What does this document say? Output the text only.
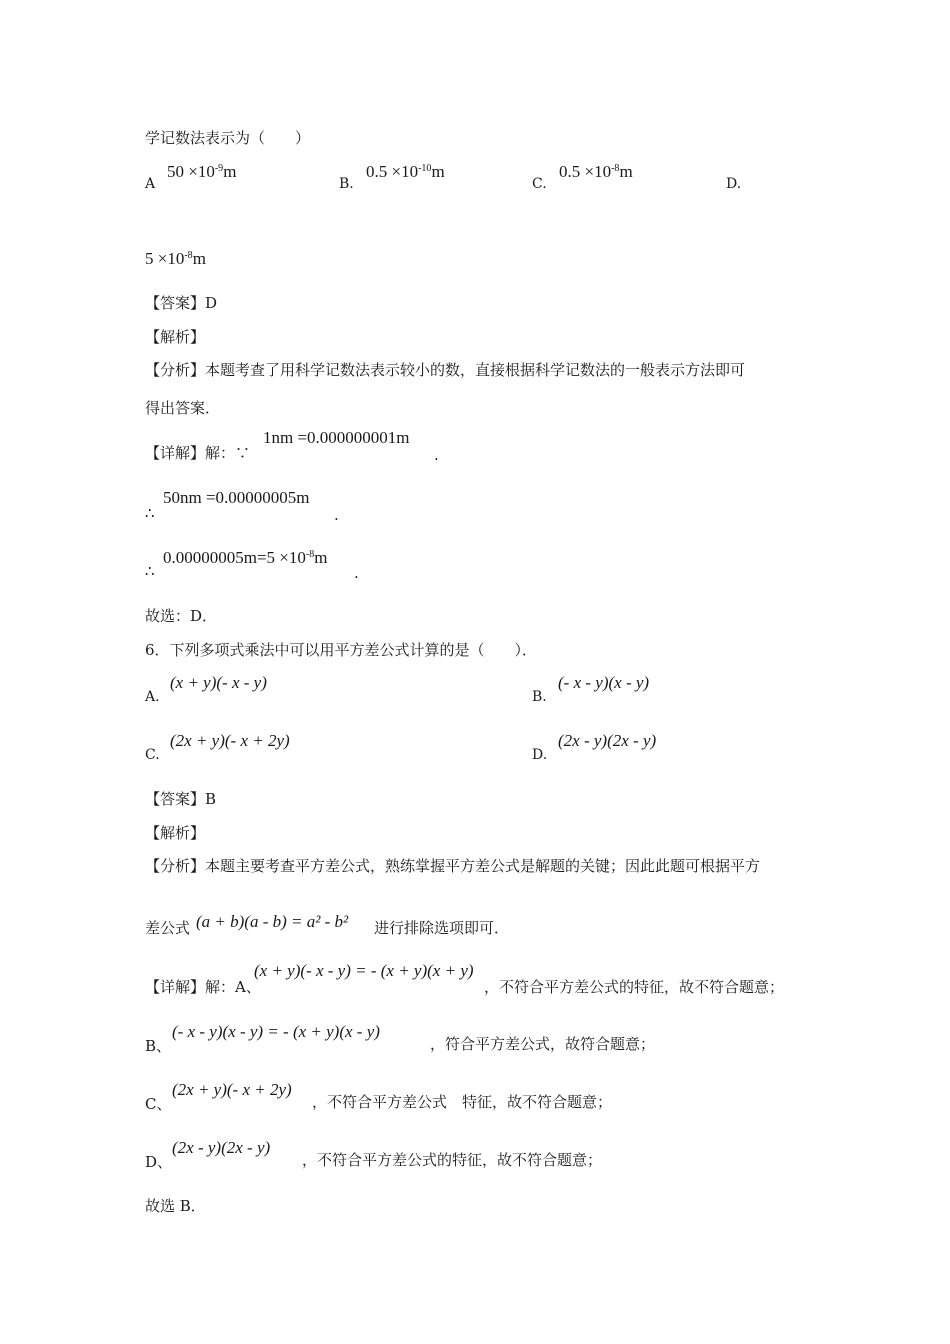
学记数法表示为（　　）
A
$50 \times 10^{-9}m$
B.
$0.5 \times 10^{-10}m$
C.
$0.5 \times 10^{-8}m$
D.
$5 \times 10^{-8}m$
【答案】D
【解析】
【分析】本题考查了用科学记数法表示较小的数，直接根据科学记数法的一般表示方法即可
得出答案．
【详解】解：∵
1nm =0.000000001m
.
∴
50nm =0.00000005m
.
∴
$0.00000005m=5 \times 10^{-8}m$
.
故选：D．
6．下列多项式乘法中可以用平方差公式计算的是（　　）．
A.
(x + y)(- x - y)
B.
(- x - y)(x - y)
C.
(2x + y)(- x + 2y)
D.
(2x - y)(2x - y)
【答案】B
【解析】
【分析】本题主要考查平方差公式，熟练掌握平方差公式是解题的关键；因此此题可根据平方
差公式 (a + b)(a - b) = a² - b² 进行排除选项即可．
【详解】解：A、
(x + y)(- x - y) = - (x + y)(x + y)
，不符合平方差公式的特征，故不符合题意；
B、
(- x - y)(x - y) = - (x + y)(x - y)
，符合平方差公式，故符合题意；
C、
(2x + y)(- x + 2y)
，不符合平方差公式　特征，故不符合题意；
D、
(2x - y)(2x - y)
，不符合平方差公式的特征，故不符合题意；
故选 B．
